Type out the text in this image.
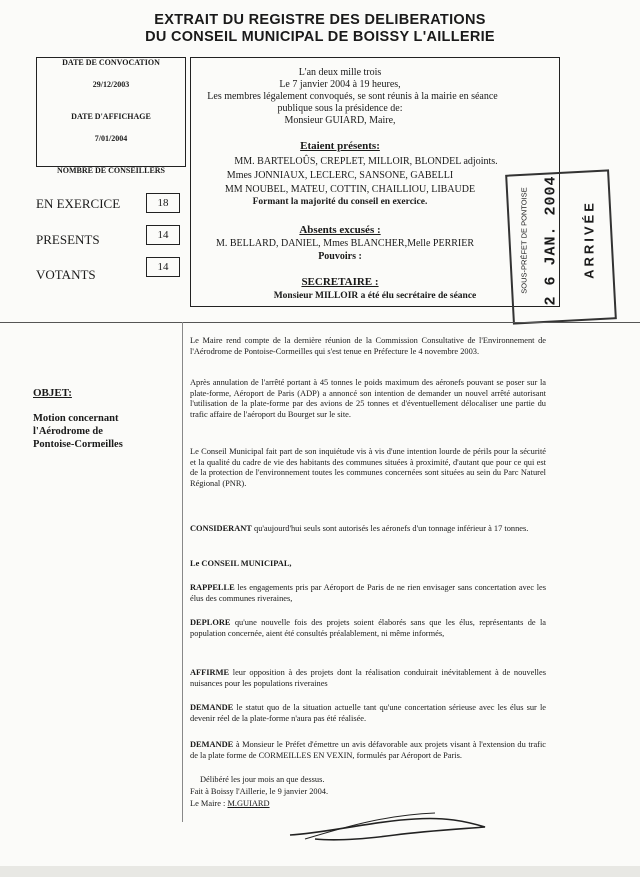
EXTRAIT DU REGISTRE DES DELIBERATIONS
DU CONSEIL MUNICIPAL DE BOISSY L'AILLERIE
DATE DE CONVOCATION
29/12/2003
DATE D'AFFICHAGE
7/01/2004
NOMBRE DE CONSEILLERS
EN EXERCICE	18
PRESENTS	14
VOTANTS	14
L'an deux mille trois
Le 7 janvier 2004 à 19 heures,
Les membres légalement convoqués, se sont réunis à la mairie en séance
publique sous la présidence de:
Monsieur GUIARD, Maire,
Etaient présents:
MM. BARTELOÛS, CREPLET, MILLOIR, BLONDEL adjoints.
Mmes JONNIAUX, LECLERC, SANSONE, GABELLI
MM NOUBEL, MATEU, COTTIN, CHAILLIOU, LIBAUDE
Formant la majorité du conseil en exercice.
Absents excusés :
M. BELLARD, DANIEL, Mmes BLANCHER,Melle PERRIER
Pouvoirs :
SECRETAIRE :
Monsieur MILLOIR a été élu secrétaire de séance
SOUS-PRÉFET DE PONTOISE 2 6 JAN. 2004 ARRIVÉE
OBJET:
Motion concernant
l'Aérodrome de
Pontoise-Cormeilles
Le Maire rend compte de la dernière réunion de la Commission Consultative de l'Environnement de l'Aérodrome de Pontoise-Cormeilles qui s'est tenue en Préfecture le 4 novembre 2003.
Après annulation de l'arrêté portant à 45 tonnes le poids maximum des aéronefs pouvant se poser sur la plate-forme, Aéroport de Paris (ADP) a annoncé son intention de demander un nouvel arrêté autorisant l'utilisation de la plate-forme par des avions de 25 tonnes et d'éventuellement délocaliser une partie du trafic affaire de l'aéroport du Bourget sur le site.
Le Conseil Municipal fait part de son inquiétude vis à vis d'une intention lourde de périls pour la sécurité et la qualité du cadre de vie des habitants des communes situées à proximité, d'autant que pour ce qui est de la protection de l'environnement toutes les communes concernées sont situées au sein du Parc Naturel Régional (PNR).
CONSIDERANT qu'aujourd'hui seuls sont autorisés les aéronefs d'un tonnage inférieur à 17 tonnes.
Le CONSEIL MUNICIPAL,
RAPPELLE les engagements pris par Aéroport de Paris de ne rien envisager sans concertation avec les élus des communes riveraines,
DEPLORE qu'une nouvelle fois des projets soient élaborés sans que les élus, représentants de la population concernée, aient été consultés préalablement, ni même informés,
AFFIRME leur opposition à des projets dont la réalisation conduirait inévitablement à de nouvelles nuisances pour les populations riveraines
DEMANDE le statut quo de la situation actuelle tant qu'une concertation sérieuse avec les élus sur le devenir réel de la plate-forme n'aura pas été réalisée.
DEMANDE à Monsieur le Préfet d'émettre un avis défavorable aux projets visant à l'extension du trafic de la plate forme de CORMEILLES EN VEXIN, formulés par Aéroport de Paris.
Délibéré les jour mois an que dessus.
Fait à Boissy l'Aillerie, le 9 janvier 2004.
Le Maire : M.GUIARD
